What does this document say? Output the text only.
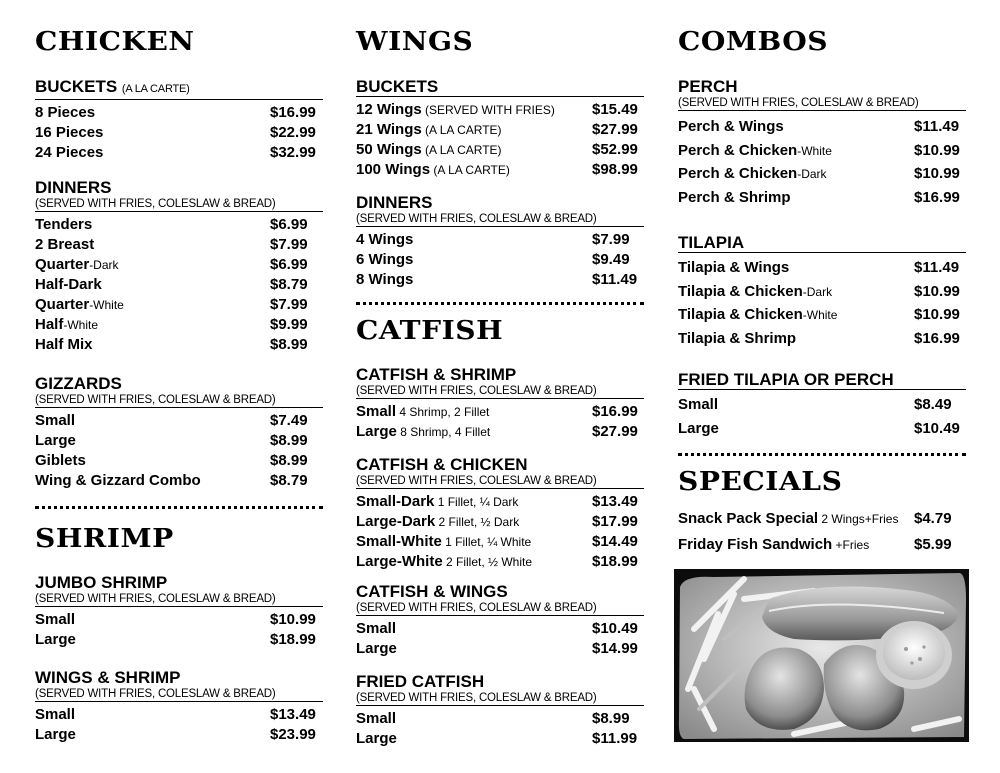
CHICKEN
BUCKETS (A LA CARTE)
8 Pieces	$16.99
16 Pieces	$22.99
24 Pieces	$32.99
DINNERS
(SERVED WITH FRIES, COLESLAW & BREAD)
Tenders	$6.99
2 Breast	$7.99
Quarter-Dark	$6.99
Half-Dark	$8.79
Quarter-White	$7.99
Half-White	$9.99
Half Mix	$8.99
GIZZARDS
(SERVED WITH FRIES, COLESLAW & BREAD)
Small	$7.49
Large	$8.99
Giblets	$8.99
Wing & Gizzard Combo	$8.79
SHRIMP
JUMBO SHRIMP
(SERVED WITH FRIES, COLESLAW & BREAD)
Small	$10.99
Large	$18.99
WINGS & SHRIMP
(SERVED WITH FRIES, COLESLAW & BREAD)
Small	$13.49
Large	$23.99
WINGS
BUCKETS
12 Wings (SERVED WITH FRIES) $15.49
21 Wings (A LA CARTE)	$27.99
50 Wings (A LA CARTE)	$52.99
100 Wings (A LA CARTE)	$98.99
DINNERS
(SERVED WITH FRIES, COLESLAW & BREAD)
4 Wings	$7.99
6 Wings	$9.49
8 Wings	$11.49
CATFISH
CATFISH & SHRIMP
(SERVED WITH FRIES, COLESLAW & BREAD)
Small 4 Shrimp, 2 Fillet	$16.99
Large 8 Shrimp, 4 Fillet	$27.99
CATFISH & CHICKEN
(SERVED WITH FRIES, COLESLAW & BREAD)
Small-Dark 1 Fillet, ¼ Dark	$13.49
Large-Dark 2 Fillet, ½ Dark	$17.99
Small-White 1 Fillet, ¼ White	$14.49
Large-White 2 Fillet, ½ White	$18.99
CATFISH & WINGS
(SERVED WITH FRIES, COLESLAW & BREAD)
Small	$10.49
Large	$14.99
FRIED CATFISH
(SERVED WITH FRIES, COLESLAW & BREAD)
Small	$8.99
Large	$11.99
COMBOS
PERCH
(SERVED WITH FRIES, COLESLAW & BREAD)
Perch & Wings	$11.49
Perch & Chicken-White	$10.99
Perch & Chicken-Dark	$10.99
Perch & Shrimp	$16.99
TILAPIA
Tilapia & Wings	$11.49
Tilapia & Chicken-Dark	$10.99
Tilapia & Chicken-White	$10.99
Tilapia & Shrimp	$16.99
FRIED TILAPIA OR PERCH
Small	$8.49
Large	$10.49
SPECIALS
Snack Pack Special 2 Wings+Fries $4.79
Friday Fish Sandwich +Fries	$5.99
